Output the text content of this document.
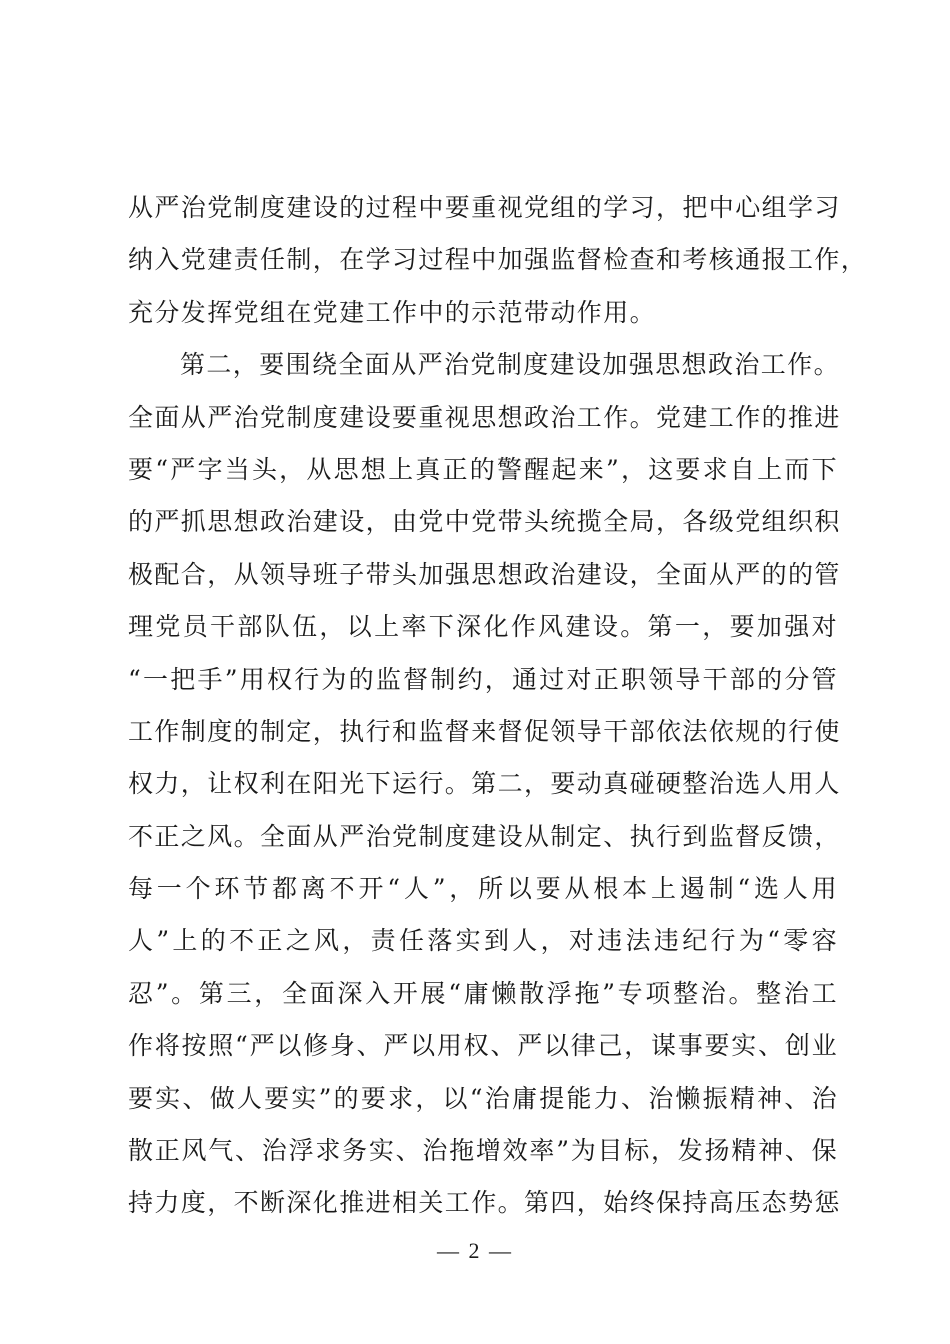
从严治党制度建设的过程中要重视党组的学习，把中心组学习
纳入党建责任制，在学习过程中加强监督检查和考核通报工作，
充分发挥党组在党建工作中的示范带动作用。
第二，要围绕全面从严治党制度建设加强思想政治工作。
全面从严治党制度建设要重视思想政治工作。党建工作的推进
要“严字当头，从思想上真正的警醒起来”，这要求自上而下
的严抓思想政治建设，由党中党带头统揽全局，各级党组织积
极配合，从领导班子带头加强思想政治建设，全面从严的的管
理党员干部队伍，以上率下深化作风建设。第一，要加强对
“一把手”用权行为的监督制约，通过对正职领导干部的分管
工作制度的制定，执行和监督来督促领导干部依法依规的行使
权力，让权利在阳光下运行。第二，要动真碰硬整治选人用人
不正之风。全面从严治党制度建设从制定、执行到监督反馈，
每一个环节都离不开“人”，所以要从根本上遏制“选人用
人”上的不正之风，责任落实到人，对违法违纪行为“零容
忍”。第三，全面深入开展“庸懒散浮拖”专项整治。整治工
作将按照“严以修身、严以用权、严以律己，谋事要实、创业
要实、做人要实”的要求，以“治庸提能力、治懒振精神、治
散正风气、治浮求务实、治拖增效率”为目标，发扬精神、保
持力度，不断深化推进相关工作。第四，始终保持高压态势惩
— 2 —
